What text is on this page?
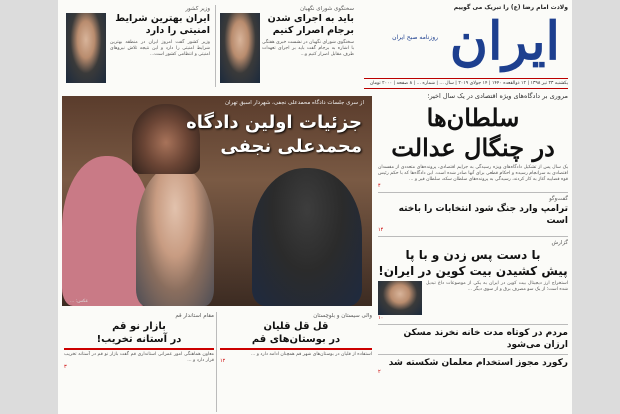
ولادت امام رضا (ع) را تبریک می گوییم
ایران
روزنامه صبح ایران
یکشنبه ۲۳ تیر ۱۳۹۸ | ۱۲ ذوالقعده ۱۴۴۰ | ۱۴ جولای ۲۰۱۹ | سال ... | شماره ... | ۸ صفحه | ۲۰۰۰ تومان
سخنگوی شورای نگهبان
باید به اجرای شدن
برجام اصرار کنیم
سخنگوی شورای نگهبان در نشست خبری هفتگی با اشاره به برجام گفت باید بر اجرای تعهدات طرف مقابل اصرار کنیم و...
وزیر کشور
ایران بهترین شرایط
امنیتی را دارد
وزیر کشور گفت امروز ایران در منطقه بهترین شرایط امنیتی را دارد و این نتیجه تلاش نیروهای امنیتی و انتظامی کشور است...
از سری جلسات دادگاه محمدعلی نجفی، شهردار اسبق تهران
جزئیات اولین دادگاه
محمدعلی نجفی
عکس: ...
مروری بر دادگاه‌های ویژه اقتصادی در یک سال اخیر؛
سلطان‌ها
در چنگال عدالت
یک سال پس از تشکیل دادگاه‌های ویژه رسیدگی به جرایم اقتصادی، پرونده‌های متعددی از مفسدان اقتصادی به سرانجام رسیده و احکام قطعی برای آنها صادر شده است. این دادگاه‌ها که با حکم رئیس قوه قضاییه آغاز به کار کردند، رسیدگی به پرونده‌های سلطان سکه، سلطان قیر و ...
۴
گفت‌وگو
ترامپ وارد جنگ شود انتخابات را باخته است
۱۴
گزارش
با دست پس زدن و با پا
پیش کشیدن بیت کوین در ایران!
استخراج ارز دیجیتال بیت کوین در ایران به یکی از موضوعات داغ تبدیل شده است؛ از یک سو مصرف برق و از سوی دیگر ...
۱۰
مردم در کوتاه مدت خانه نخرند مسکن ارزان می‌شود
رکورد مجوز استخدام معلمان شکسته شد
۲
والی سیستان و بلوچستان
قل قل قلیان
در بوستان‌های قم
استفاده از قلیان در بوستان‌های شهر قم همچنان ادامه دارد و ...
۱۲
مقام استاندار قم
بازار نو قم
در آستانه تخریب!
معاون هماهنگی امور عمرانی استانداری قم گفت بازار نو قم در آستانه تخریب قرار دارد و ...
۳
